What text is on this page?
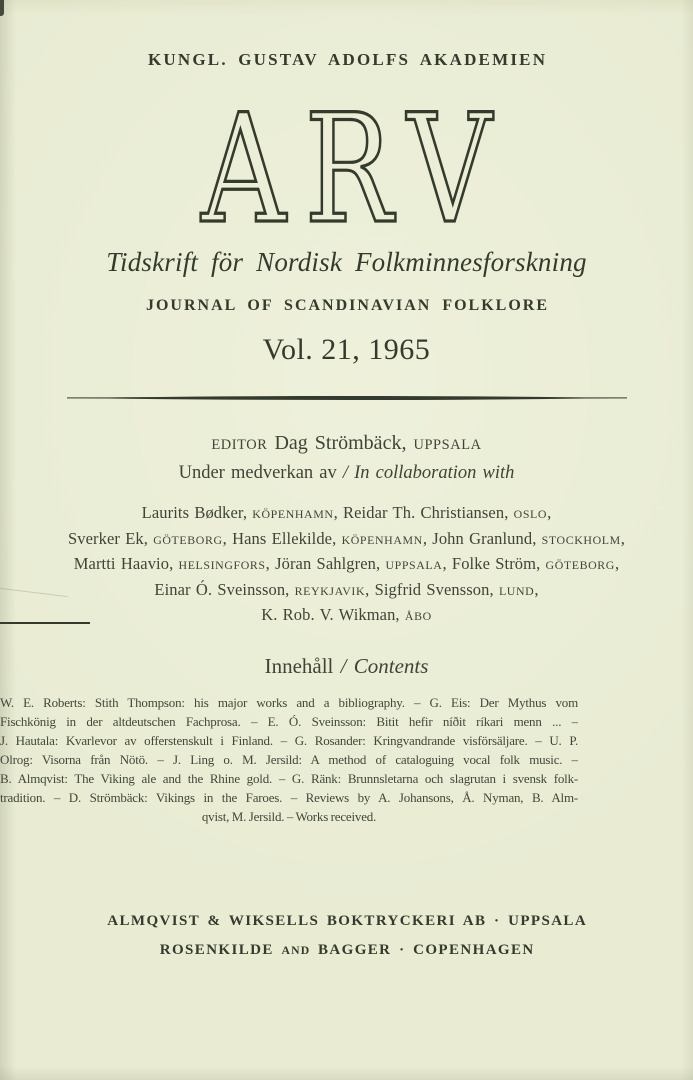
KUNGL. GUSTAV ADOLFS AKADEMIEN
ARV
Tidskrift för Nordisk Folkminnesforskning
JOURNAL OF SCANDINAVIAN FOLKLORE
Vol. 21, 1965
EDITOR Dag Strömbäck, UPPSALA
Under medverkan av / In collaboration with
Laurits Bødker, KÖPENHAMN, Reidar Th. Christiansen, OSLO,
Sverker Ek, GÖTEBORG, Hans Ellekilde, KÖPENHAMN, John Granlund, STOCKHOLM,
Martti Haavio, HELSINGFORS, Jöran Sahlgren, UPPSALA, Folke Ström, GÖTEBORG,
Einar Ó. Sveinsson, REYKJAVIK, Sigfrid Svensson, LUND,
K. Rob. V. Wikman, ÅBO
Innehåll / Contents
W. E. Roberts: Stith Thompson: his major works and a bibliography. – G. Eis: Der Mythus vom
Fischkönig in der altdeutschen Fachprosa. – E. Ó. Sveinsson: Bitit hefir níðit ríkari menn ... –
J. Hautala: Kvarlevor av offerstenskult i Finland. – G. Rosander: Kringvandrande visförsäljare. – U. P.
Olrog: Visorna från Nötö. – J. Ling o. M. Jersild: A method of cataloguing vocal folk music. –
B. Almqvist: The Viking ale and the Rhine gold. – G. Ränk: Brunnsletarna och slagrutan i svensk folk-
tradition. – D. Strömbäck: Vikings in the Faroes. – Reviews by A. Johansons, Å. Nyman, B. Alm-
qvist, M. Jersild. – Works received.
ALMQVIST & WIKSELLS BOKTRYCKERI AB · UPPSALA
ROSENKILDE AND BAGGER · COPENHAGEN
